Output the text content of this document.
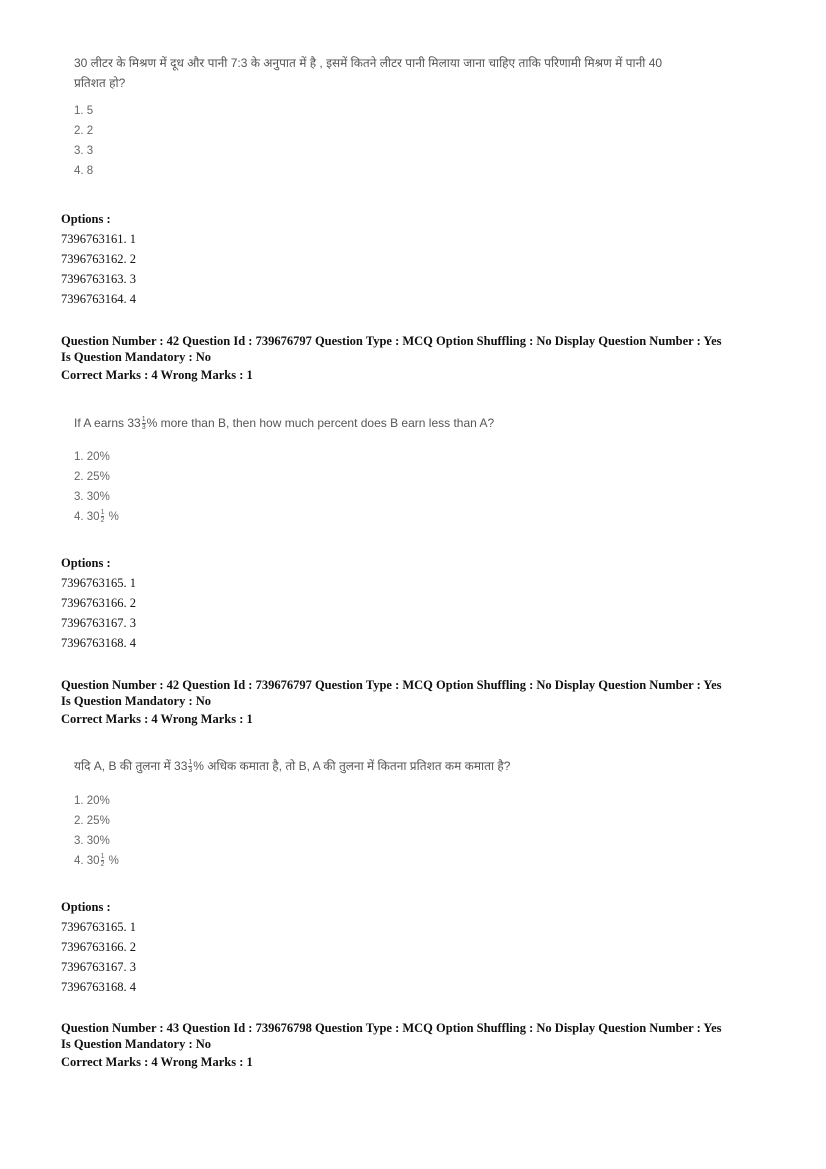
30 लीटर के मिश्रण में दूध और पानी 7:3 के अनुपात में है , इसमें कितने लीटर पानी मिलाया जाना चाहिए ताकि परिणामी मिश्रण में पानी 40

प्रतिशत हो?

1. 5

2. 2

3. 3

4. 8

Options :
7396763161. 1
7396763162. 2
7396763163. 3
7396763164. 4
Question Number : 42 Question Id : 739676797 Question Type : MCQ Option Shuffling : No Display Question Number : Yes
Is Question Mandatory : No
Correct Marks : 4 Wrong Marks : 1

If A earns $33 \frac{1}{3}$ % more than B, then how much percent does B earn less than A?

1. 20%

2. 25%

3. 30%

4. $30 \frac{1}{2}$ %

Options :
7396763165. 1
7396763166. 2
7396763167. 3
7396763168. 4
Question Number : 42 Question Id : 739676797 Question Type : MCQ Option Shuffling : No Display Question Number : Yes
Is Question Mandatory : No
Correct Marks : 4 Wrong Marks : 1

यदि A, B की तुलना में $33 \frac{1}{3}$ % अधिक कमाता है, तो B, A की तुलना में कितना प्रतिशत कम कमाता है?

1. 20%

2. 25%

3. 30%

4. $30 \frac{1}{2}$ %

Options :
7396763165. 1
7396763166. 2
7396763167. 3
7396763168. 4
Question Number : 43 Question Id : 739676798 Question Type : MCQ Option Shuffling : No Display Question Number : Yes
Is Question Mandatory : No
Correct Marks : 4 Wrong Marks : 1
